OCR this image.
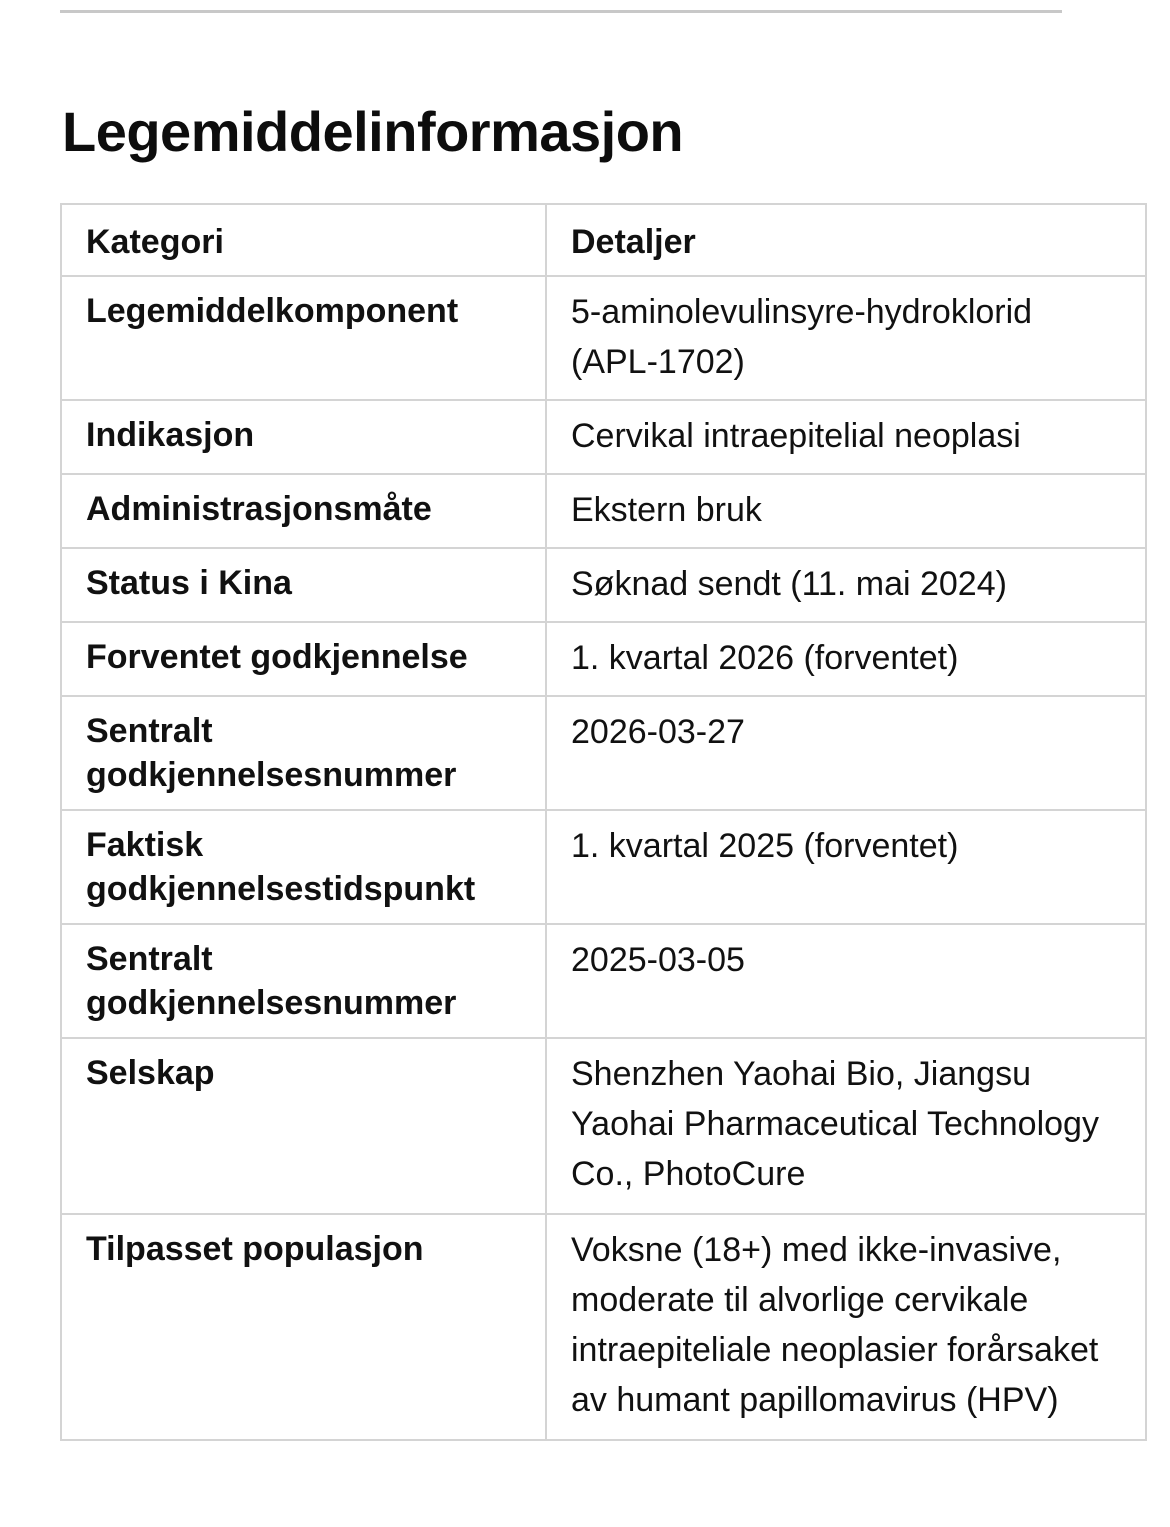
Legemiddelinformasjon
Kategori	Detaljer
Legemiddelkomponent	5-aminolevulinsyre-hydroklorid (APL-1702)
Indikasjon	Cervikal intraepitelial neoplasi
Administrasjonsmåte	Ekstern bruk
Status i Kina	Søknad sendt (11. mai 2024)
Forventet godkjennelse	1. kvartal 2026 (forventet)
Sentralt godkjennelsesnummer	2026-03-27
Faktisk godkjennelsestidspunkt	1. kvartal 2025 (forventet)
Sentralt godkjennelsesnummer	2025-03-05
Selskap	Shenzhen Yaohai Bio, Jiangsu Yaohai Pharmaceutical Technology Co., PhotoCure
Tilpasset populasjon	Voksne (18+) med ikke-invasive, moderate til alvorlige cervikale intraepiteliale neoplasier forårsaket av humant papillomavirus (HPV)
